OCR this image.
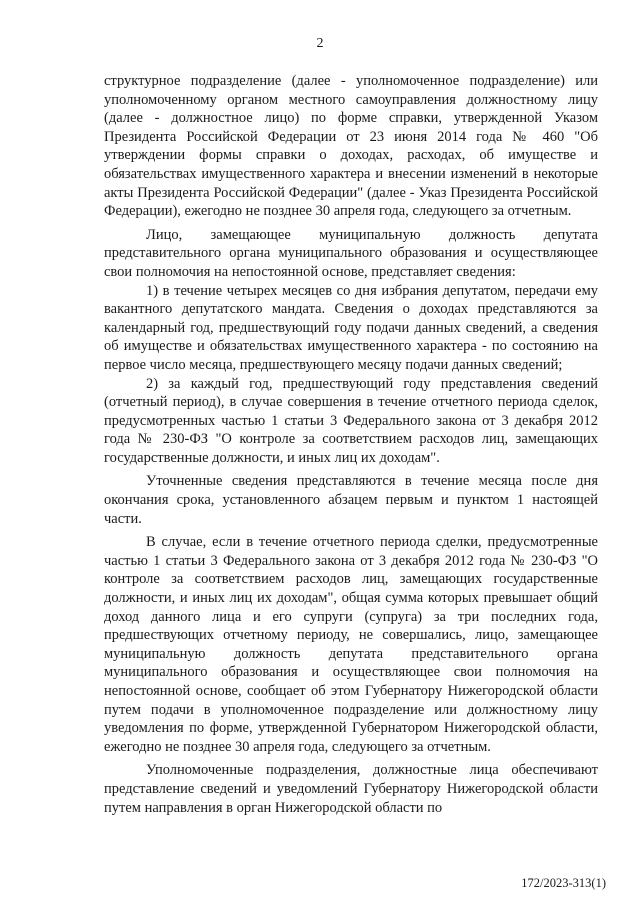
2

структурное подразделение (далее - уполномоченное подразделение) или уполномоченному органом местного самоуправления должностному лицу (далее - должностное лицо) по форме справки, утвержденной Указом Президента Российской Федерации от 23 июня 2014 года № 460 "Об утверждении формы справки о доходах, расходах, об имуществе и обязательствах имущественного характера и внесении изменений в некоторые акты Президента Российской Федерации" (далее - Указ Президента Российской Федерации), ежегодно не позднее 30 апреля года, следующего за отчетным.

Лицо, замещающее муниципальную должность депутата представительного органа муниципального образования и осуществляющее свои полномочия на непостоянной основе, представляет сведения:

1) в течение четырех месяцев со дня избрания депутатом, передачи ему вакантного депутатского мандата. Сведения о доходах представляются за календарный год, предшествующий году подачи данных сведений, а сведения об имуществе и обязательствах имущественного характера - по состоянию на первое число месяца, предшествующего месяцу подачи данных сведений;

2) за каждый год, предшествующий году представления сведений (отчетный период), в случае совершения в течение отчетного периода сделок, предусмотренных частью 1 статьи 3 Федерального закона от 3 декабря 2012 года № 230-ФЗ "О контроле за соответствием расходов лиц, замещающих государственные должности, и иных лиц их доходам".

Уточненные сведения представляются в течение месяца после дня окончания срока, установленного абзацем первым и пунктом 1 настоящей части.

В случае, если в течение отчетного периода сделки, предусмотренные частью 1 статьи 3 Федерального закона от 3 декабря 2012 года № 230-ФЗ "О контроле за соответствием расходов лиц, замещающих государственные должности, и иных лиц их доходам", общая сумма которых превышает общий доход данного лица и его супруги (супруга) за три последних года, предшествующих отчетному периоду, не совершались, лицо, замещающее муниципальную должность депутата представительного органа муниципального образования и осуществляющее свои полномочия на непостоянной основе, сообщает об этом Губернатору Нижегородской области путем подачи в уполномоченное подразделение или должностному лицу уведомления по форме, утвержденной Губернатором Нижегородской области, ежегодно не позднее 30 апреля года, следующего за отчетным.

Уполномоченные подразделения, должностные лица обеспечивают представление сведений и уведомлений Губернатору Нижегородской области путем направления в орган Нижегородской области по

172/2023-313(1)
